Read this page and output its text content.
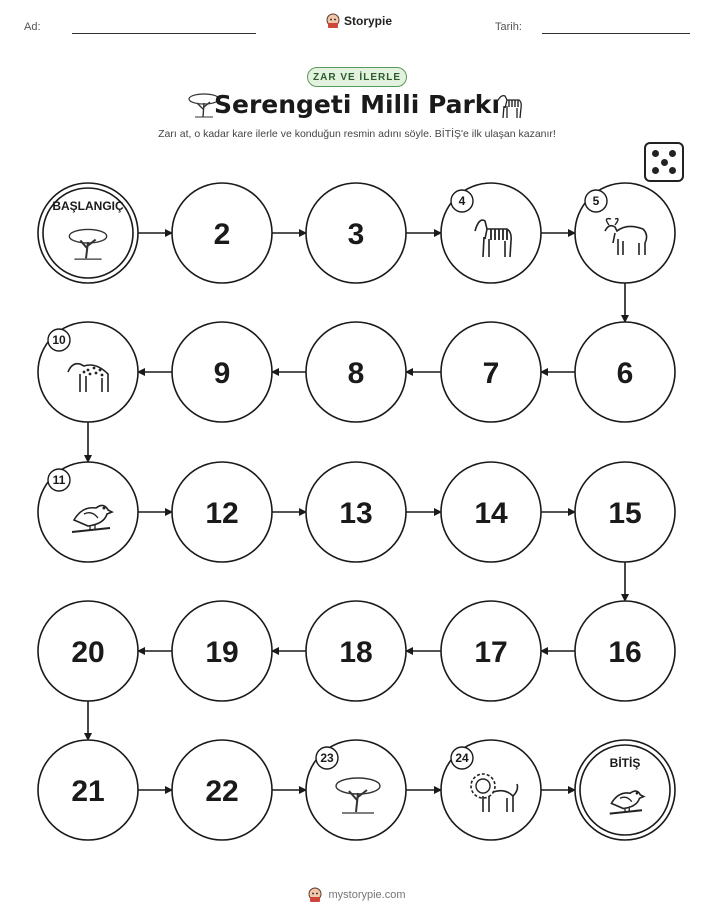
Ad:	Storypie	Tarih:
ZAR VE İLERLE
Serengeti Milli Parkı
Zarı at, o kadar kare ilerle ve konduğun resmin adını söyle. BİTİŞ'e ilk ulaşan kazanır!
BAŞLANGIÇ
2	3
4	5
6
7
8
9
10
11
12	13	14	15
16
17
18
19
20
21	22
23	24	BİTİŞ
mystorypie.com
